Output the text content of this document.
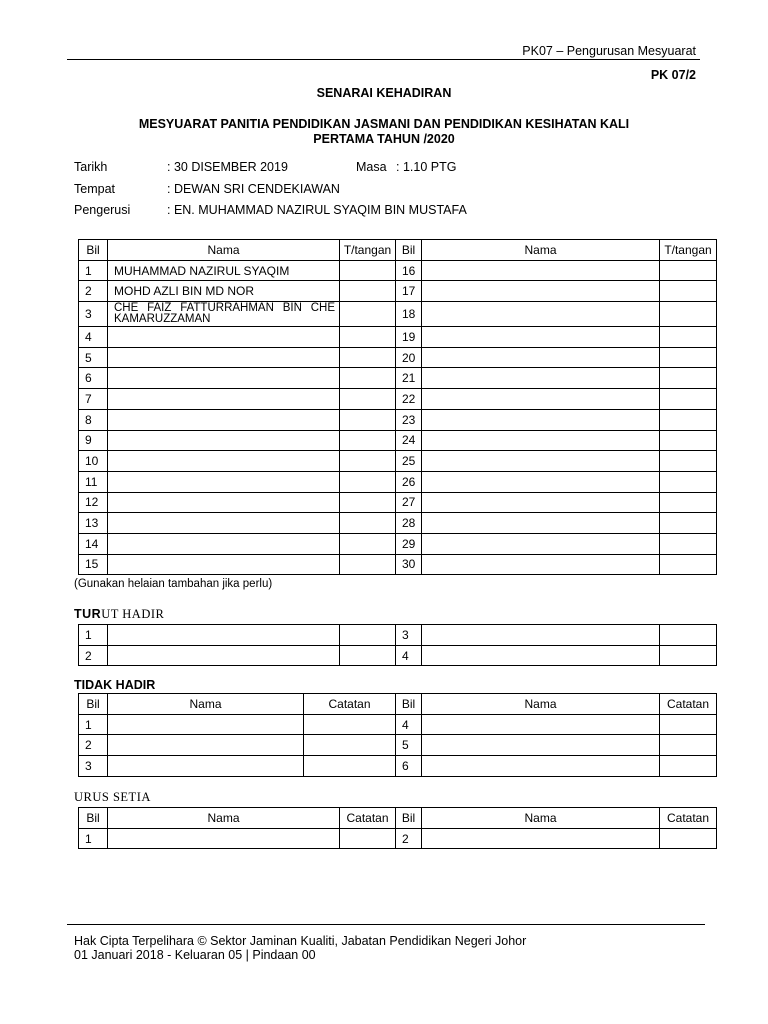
PK07 – Pengurusan Mesyuarat
PK 07/2
SENARAI KEHADIRAN
MESYUARAT PANITIA PENDIDIKAN JASMANI DAN PENDIDIKAN KESIHATAN KALI
PERTAMA TAHUN /2020
Tarikh	: 30 DISEMBER 2019	Masa : 1.10 PTG
Tempat	: DEWAN SRI CENDEKIAWAN
Pengerusi	: EN. MUHAMMAD NAZIRUL SYAQIM BIN MUSTAFA
Bil	Nama	T/tangan	Bil	Nama	T/tangan
1	MUHAMMAD NAZIRUL SYAQIM		16		
2	MOHD AZLI BIN MD NOR		17		
3	CHE FAIZ FATTURRAHMAN BIN CHE KAMARUZZAMAN		18		
4			19		
5			20		
6			21		
7			22		
8			23		
9			24		
10			25		
11			26		
12			27		
13			28		
14			29		
15			30		
(Gunakan helaian tambahan jika perlu)
TURUT HADIR
1			3		
2			4		
TIDAK HADIR
Bil	Nama	Catatan	Bil	Nama	Catatan
1			4		
2			5		
3			6		
URUS SETIA
Bil	Nama	Catatan	Bil	Nama	Catatan
1			2		
Hak Cipta Terpelihara © Sektor Jaminan Kualiti, Jabatan Pendidikan Negeri Johor
01 Januari 2018 - Keluaran 05 | Pindaan 00
